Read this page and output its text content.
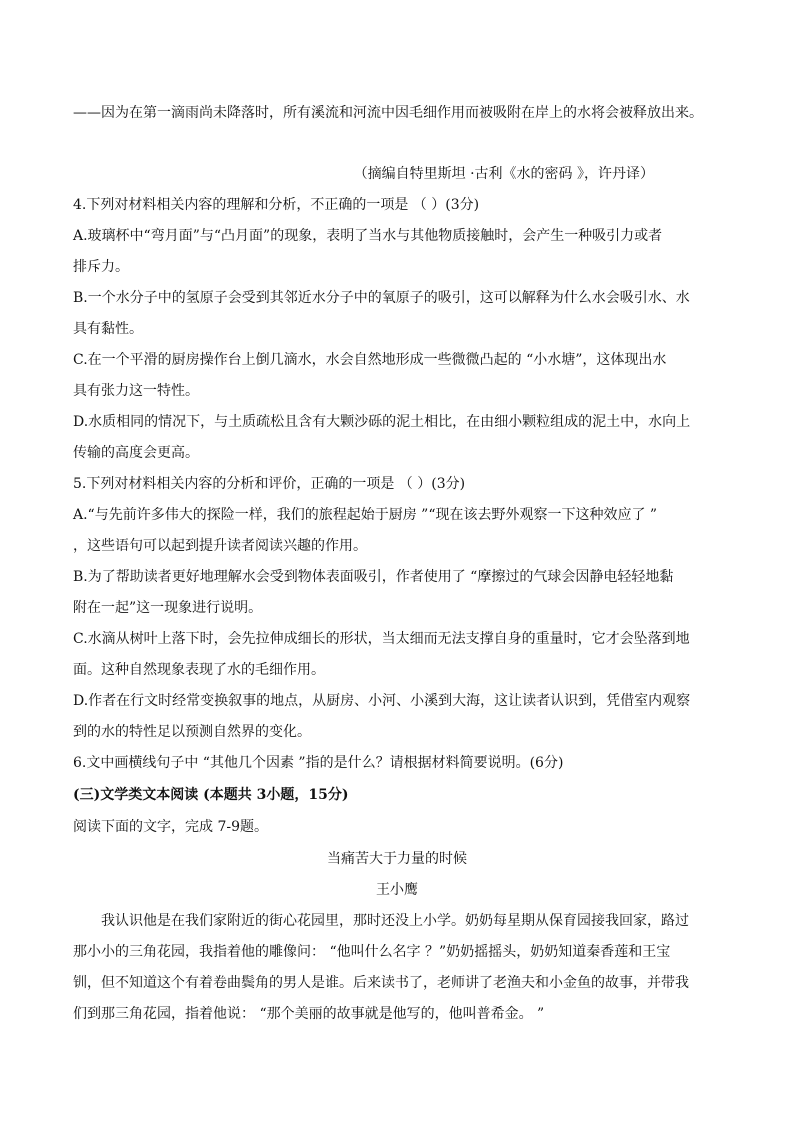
——因为在第一滴雨尚未降落时，所有溪流和河流中因毛细作用而被吸附在岸上的水将会被释放出来。
（摘编自特里斯坦 ·古利《水的密码 》，许丹译）
4.下列对材料相关内容的理解和分析，不正确的一项是 （ ）(3分)
A.玻璃杯中“弯月面”与“凸月面”的现象，表明了当水与其他物质接触时，会产生一种吸引力或者
排斥力。
B.一个水分子中的氢原子会受到其邻近水分子中的氧原子的吸引，这可以解释为什么水会吸引水、水
具有黏性。
C.在一个平滑的厨房操作台上倒几滴水，水会自然地形成一些微微凸起的 “小水塘”，这体现出水
具有张力这一特性。
D.水质相同的情况下，与土质疏松且含有大颗沙砾的泥土相比，在由细小颗粒组成的泥土中，水向上
传输的高度会更高。
5.下列对材料相关内容的分析和评价，正确的一项是 （ ）(3分)
A.“与先前许多伟大的探险一样，我们的旅程起始于厨房 ”“现在该去野外观察一下这种效应了 ”
，这些语句可以起到提升读者阅读兴趣的作用。
B.为了帮助读者更好地理解水会受到物体表面吸引，作者使用了 “摩擦过的气球会因静电轻轻地黏
附在一起”这一现象进行说明。
C.水滴从树叶上落下时，会先拉伸成细长的形状，当太细而无法支撑自身的重量时，它才会坠落到地
面。这种自然现象表现了水的毛细作用。
D.作者在行文时经常变换叙事的地点，从厨房、小河、小溪到大海，这让读者认识到，凭借室内观察
到的水的特性足以预测自然界的变化。
6.文中画横线句子中 “其他几个因素 ”指的是什么？请根据材料简要说明。(6分)
(三)文学类文本阅读 (本题共 3小题，15分)
阅读下面的文字，完成 7-9题。
当痛苦大于力量的时候
王小鹰
我认识他是在我们家附近的街心花园里，那时还没上小学。奶奶每星期从保育园接我回家，路过
那小小的三角花园，我指着他的雕像问： “他叫什么名字 ？”奶奶摇摇头，奶奶知道秦香莲和王宝
钏，但不知道这个有着卷曲鬓角的男人是谁。后来读书了，老师讲了老渔夫和小金鱼的故事，并带我
们到那三角花园，指着他说： “那个美丽的故事就是他写的，他叫普希金。 ”
